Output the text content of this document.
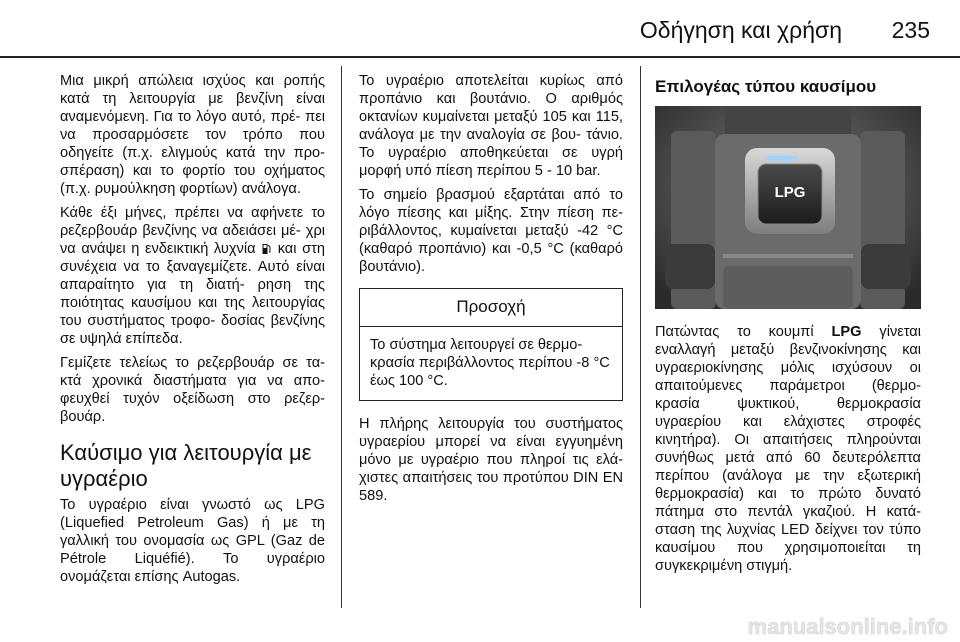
Οδήγηση και χρήση 235

Μια μικρή απώλεια ισχύος και ροπής κατά τη λειτουργία με βενζίνη είναι αναμενόμενη. Για το λόγο αυτό, πρέ- πει να προσαρμόσετε τον τρόπο που οδηγείτε (π.χ. ελιγμούς κατά την προ- σπέραση) και το φορτίο του οχήματος (π.χ. ρυμούλκηση φορτίων) ανάλογα.

Κάθε έξι μήνες, πρέπει να αφήνετε το ρεζερβουάρ βενζίνης να αδειάσει μέ- χρι να ανάψει η ενδεικτική λυχνία και στη συνέχεια να το ξαναγεμίζετε. Αυτό είναι απαραίτητο για τη διατή- ρηση της ποιότητας καυσίμου και της λειτουργίας του συστήματος τροφο- δοσίας βενζίνης σε υψηλά επίπεδα.

Γεμίζετε τελείως το ρεζερβουάρ σε τα- κτά χρονικά διαστήματα για να απο- φευχθεί τυχόν οξείδωση στο ρεζερ- βουάρ.

Καύσιμο για λειτουργία με υγραέριο

Το υγραέριο είναι γνωστό ως LPG (Liquefied Petroleum Gas) ή με τη γαλλική του ονομασία ως GPL (Gaz de Pétrole Liquéfié). Το υγραέριο ονομάζεται επίσης Autogas.

Το υγραέριο αποτελείται κυρίως από προπάνιο και βουτάνιο. Ο αριθμός οκτανίων κυμαίνεται μεταξύ 105 και 115, ανάλογα με την αναλογία σε βου- τάνιο. Το υγραέριο αποθηκεύεται σε υγρή μορφή υπό πίεση περίπου 5 - 10 bar.

Το σημείο βρασμού εξαρτάται από το λόγο πίεσης και μίξης. Στην πίεση πε- ριβάλλοντος, κυμαίνεται μεταξύ -42 °C (καθαρό προπάνιο) και -0,5 °C (καθαρό βουτάνιο).

Προσοχή
Το σύστημα λειτουργεί σε θερμο- κρασία περιβάλλοντος περίπου -8 °C έως 100 °C.

Η πλήρης λειτουργία του συστήματος υγραερίου μπορεί να είναι εγγυημένη μόνο με υγραέριο που πληροί τις ελά- χιστες απαιτήσεις του προτύπου DIN EN 589.

Επιλογέας τύπου καυσίμου
LPG

Πατώντας το κουμπί LPG γίνεται εναλλαγή μεταξύ βενζινοκίνησης και υγραεριοκίνησης μόλις ισχύσουν οι απαιτούμενες παράμετροι (θερμο- κρασία ψυκτικού, θερμοκρασία υγραερίου και ελάχιστες στροφές κινητήρα). Οι απαιτήσεις πληρούνται συνήθως μετά από 60 δευτερόλεπτα περίπου (ανάλογα με την εξωτερική θερμοκρασία) και το πρώτο δυνατό πάτημα στο πεντάλ γκαζιού. Η κατά- σταση της λυχνίας LED δείχνει τον τύπο καυσίμου που χρησιμοποιείται τη συγκεκριμένη στιγμή.

manualsonline.info
